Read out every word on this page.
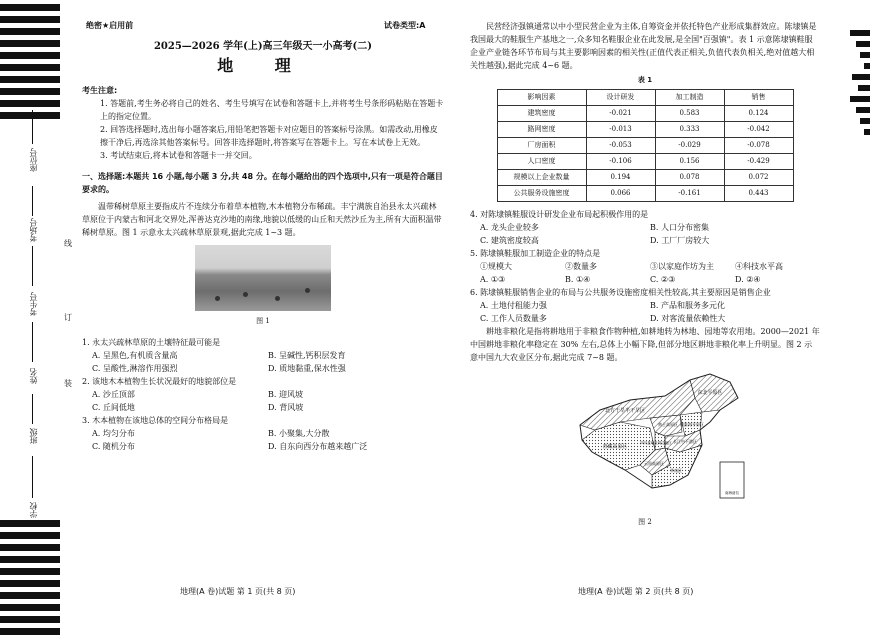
座位号
考场号
考生号
姓名
班级
学校
线
订
装
绝密★启用前	试卷类型:A

2025—2026 学年(上)高三年级天一小高考(二)

地 理

考生注意:

1. 答题前,考生务必将自己的姓名、考生号填写在试卷和答题卡上,并将考生号条形码粘贴在答题卡上的指定位置。

2. 回答选择题时,选出每小题答案后,用铅笔把答题卡对应题目的答案标号涂黑。如需改动,用橡皮擦干净后,再选涂其他答案标号。回答非选择题时,将答案写在答题卡上。写在本试卷上无效。

3. 考试结束后,将本试卷和答题卡一并交回。

一、选择题:本题共 16 小题,每小题 3 分,共 48 分。在每小题给出的四个选项中,只有一项是符合题目要求的。

温带稀树草原主要指成片不连续分布着草本植物,木本植物分布稀疏。丰宁满族自治县永太兴疏林草原位于内蒙古和河北交界处,浑善达克沙地的南缘,地貌以低缓的山丘和天然沙丘为主,所有大面积温带稀树草原。图 1 示意永太兴疏林草原景观,据此完成 1~3 题。

图 1

1. 永太兴疏林草原的土壤特征最可能是

A. 呈黑色,有机质含量高	B. 呈碱性,钙积层发育
C. 呈酸性,淋溶作用强烈	D. 质地黏重,保水性强

2. 该地木本植物生长状况最好的地貌部位是

A. 沙丘顶部	B. 迎风坡
C. 丘间低地	D. 背风坡

3. 木本植物在该地总体的空间分布格局是

A. 均匀分布	B. 小聚集,大分散
C. 随机分布	D. 自东向西分布越来越广泛

民营经济强镇通常以中小型民营企业为主体,自筹资金并依托特色产业形成集群效应。陈埭镇是我国最大的鞋服生产基地之一,众多知名鞋服企业在此发展,是全国"百强镇"。表 1 示意陈埭镇鞋服企业产业链各环节布局与其主要影响因素的相关性(正值代表正相关,负值代表负相关,绝对值越大相关性越强),据此完成 4~6 题。

表 1

影响因素	设计研发	加工制造	销售
建筑密度	-0.021	0.583	0.124
路网密度	-0.013	0.333	-0.042
厂房面积	-0.053	-0.029	-0.078
人口密度	-0.106	0.156	-0.429
规模以上企业数量	0.194	0.078	0.072
公共服务设施密度	0.066	-0.161	0.443

4. 对陈埭镇鞋服设计研发企业布局起积极作用的是

A. 龙头企业较多	B. 人口分布密集
C. 建筑密度较高	D. 工厂厂房较大

5. 陈埭镇鞋服加工制造企业的特点是

①规模大	②数量多	③以家庭作坊为主	④科技水平高
A. ①③	B. ①④	C. ②③	D. ②④

6. 陈埭镇鞋服销售企业的布局与公共服务设施密度相关性较高,其主要原因是销售企业

A. 土地付租能力强	B. 产品和服务多元化
C. 工作人员数量多	D. 对客流量依赖性大

耕地非粮化是指将耕地用于非粮食作物种植,如耕地转为林地、园地等农用地。2000—2021 年中国耕地非粮化率稳定在 30% 左右,总体上小幅下降,但部分地区耕地非粮化率上升明显。图 2 示意中国九大农业区分布,据此完成 7~8 题。

东北平原区
北方干旱半干旱区
黄土高原区 黄淮海平原区
青藏高原区
长江中下游区
四川盆地及周边地区
云贵高原区
华南区
南海诸岛

图 2

地理(A 卷)试题 第 1 页(共 8 页)	地理(A 卷)试题 第 2 页(共 8 页)
